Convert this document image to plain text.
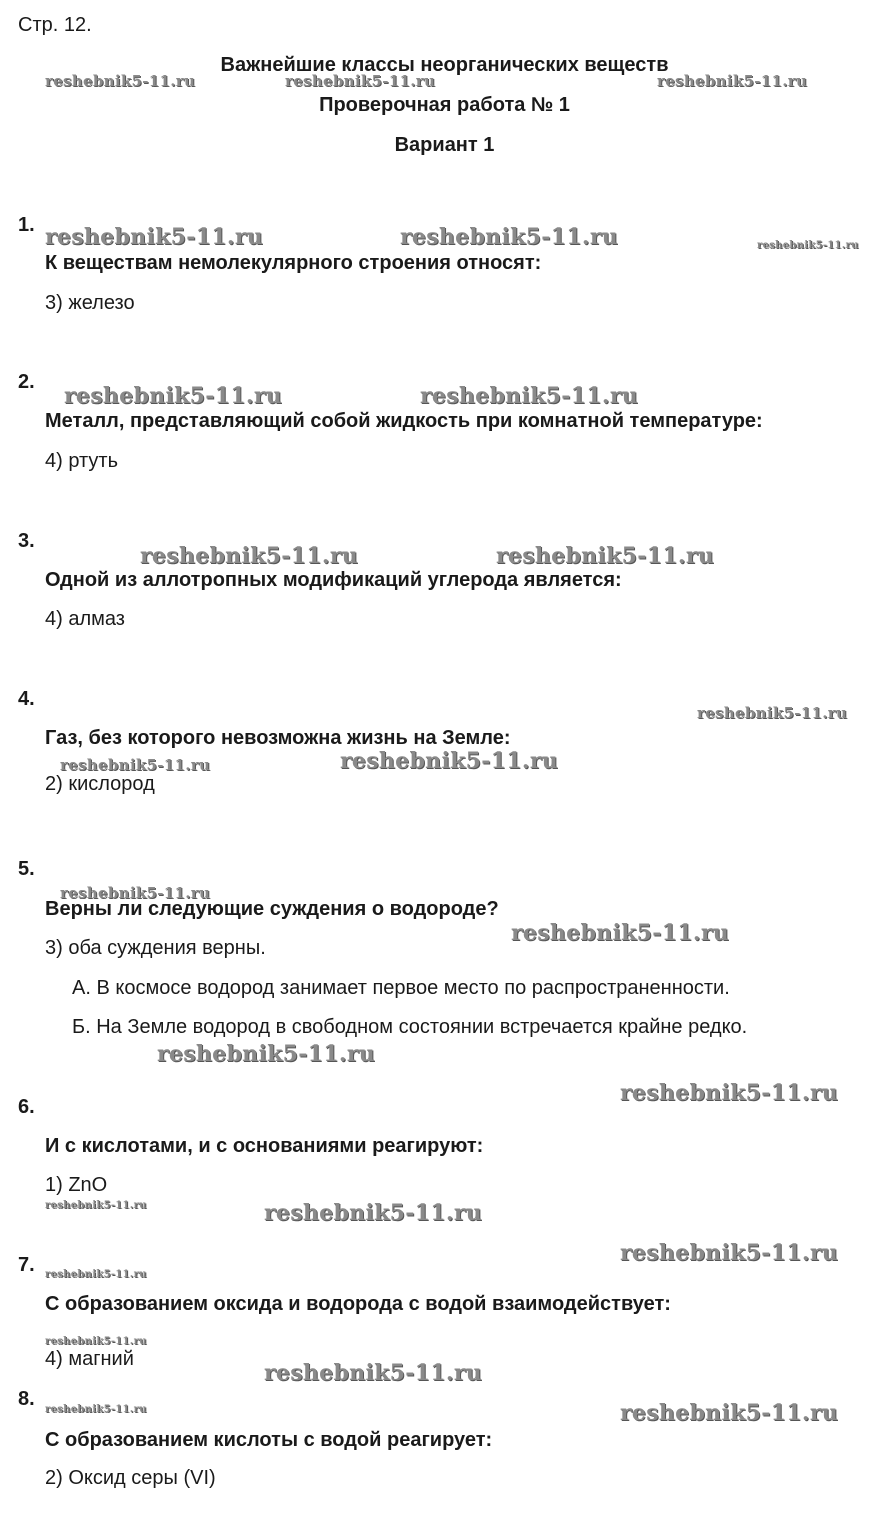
Стр. 12.
Важнейшие классы неорганических веществ
Проверочная работа № 1
Вариант 1
1.
К веществам немолекулярного строения относят:
3) железо
2.
Металл, представляющий собой жидкость при комнатной температуре:
4) ртуть
3.
Одной из аллотропных модификаций углерода является:
4) алмаз
4.
Газ, без которого невозможна жизнь на Земле:
2) кислород
5.
Верны ли следующие суждения о водороде?
3) оба суждения верны.
А. В космосе водород занимает первое место по распространенности.
Б. На Земле водород в свободном состоянии встречается крайне редко.
6.
И с кислотами, и с основаниями реагируют:
1) ZnO
7.
С образованием оксида и водорода с водой взаимодействует:
4) магний
8.
С образованием кислоты с водой реагирует:
2) Оксид серы (VI)
reshebnik5-11.ru	reshebnik5-11.ru	reshebnik5-11.ru
reshebnik5-11.ru	reshebnik5-11.ru	reshebnik5-11.ru
reshebnik5-11.ru	reshebnik5-11.ru
reshebnik5-11.ru	reshebnik5-11.ru
reshebnik5-11.ru
reshebnik5-11.ru	reshebnik5-11.ru
reshebnik5-11.ru
reshebnik5-11.ru
reshebnik5-11.ru
reshebnik5-11.ru
reshebnik5-11.ru	reshebnik5-11.ru
reshebnik5-11.ru
reshebnik5-11.ru
reshebnik5-11.ru
reshebnik5-11.ru
reshebnik5-11.ru	reshebnik5-11.ru
